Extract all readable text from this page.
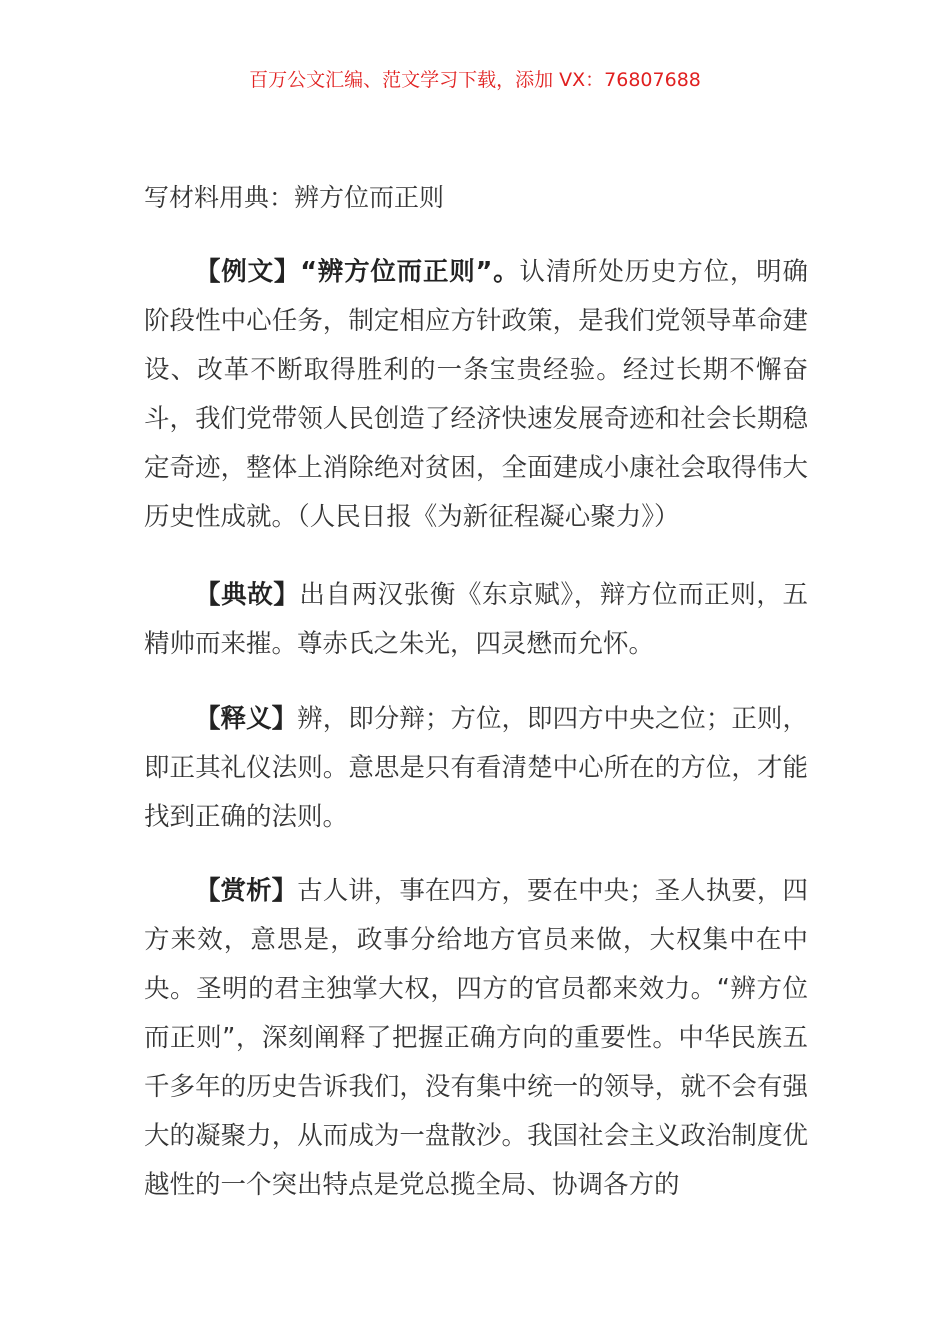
百万公文汇编、范文学习下载，添加 VX：76807688
写材料用典：辨方位而正则

【例文】“辨方位而正则”。认清所处历史方位，明确阶段性中心任务，制定相应方针政策，是我们党领导革命建设、改革不断取得胜利的一条宝贵经验。经过长期不懈奋斗，我们党带领人民创造了经济快速发展奇迹和社会长期稳定奇迹，整体上消除绝对贫困，全面建成小康社会取得伟大历史性成就。（人民日报《为新征程凝心聚力》）

【典故】出自两汉张衡《东京赋》，辩方位而正则，五精帅而来摧。尊赤氏之朱光，四灵懋而允怀。

【释义】辨，即分辩；方位，即四方中央之位；正则，即正其礼仪法则。意思是只有看清楚中心所在的方位，才能找到正确的法则。

【赏析】古人讲，事在四方，要在中央；圣人执要，四方来效，意思是，政事分给地方官员来做，大权集中在中央。圣明的君主独掌大权，四方的官员都来效力。“辨方位而正则”，深刻阐释了把握正确方向的重要性。中华民族五千多年的历史告诉我们，没有集中统一的领导，就不会有强大的凝聚力，从而成为一盘散沙。我国社会主义政治制度优越性的一个突出特点是党总揽全局、协调各方的
